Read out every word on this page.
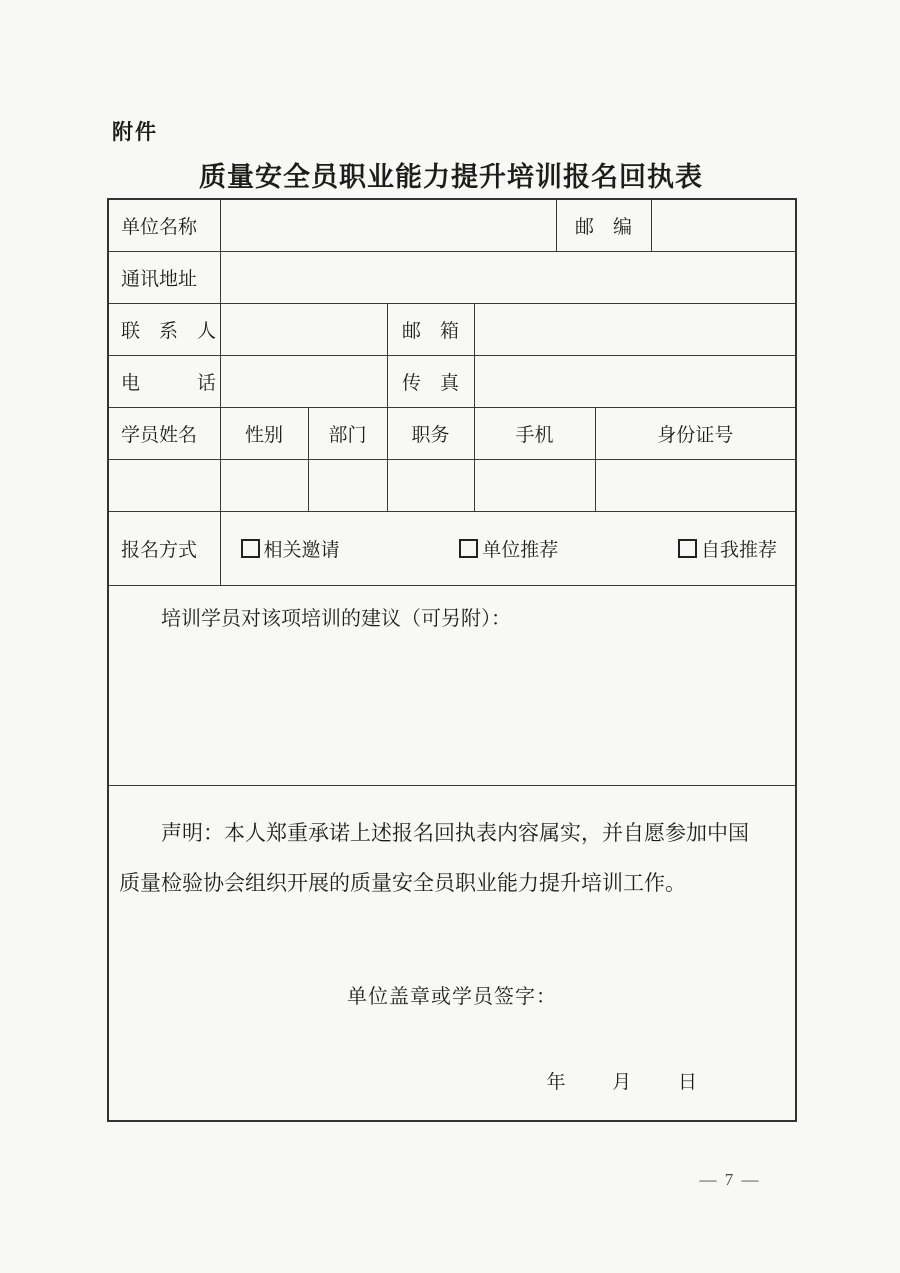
附件
质量安全员职业能力提升培训报名回执表
单位名称					邮　编		
通讯地址							
联　系　人			邮　箱				
电　　　话			传　真				
学员姓名	性别	部门	职务	手机		身份证号	

报名方式	相关邀请 单位推荐 自我推荐						

培训学员对该项培训的建议（可另附）：							

声明：本人郑重承诺上述报名回执表内容属实，并自愿参加中国质量检验协会组织开展的质量安全员职业能力提升培训工作。

单位盖章或学员签字：
年 月 日							
— 7 —
